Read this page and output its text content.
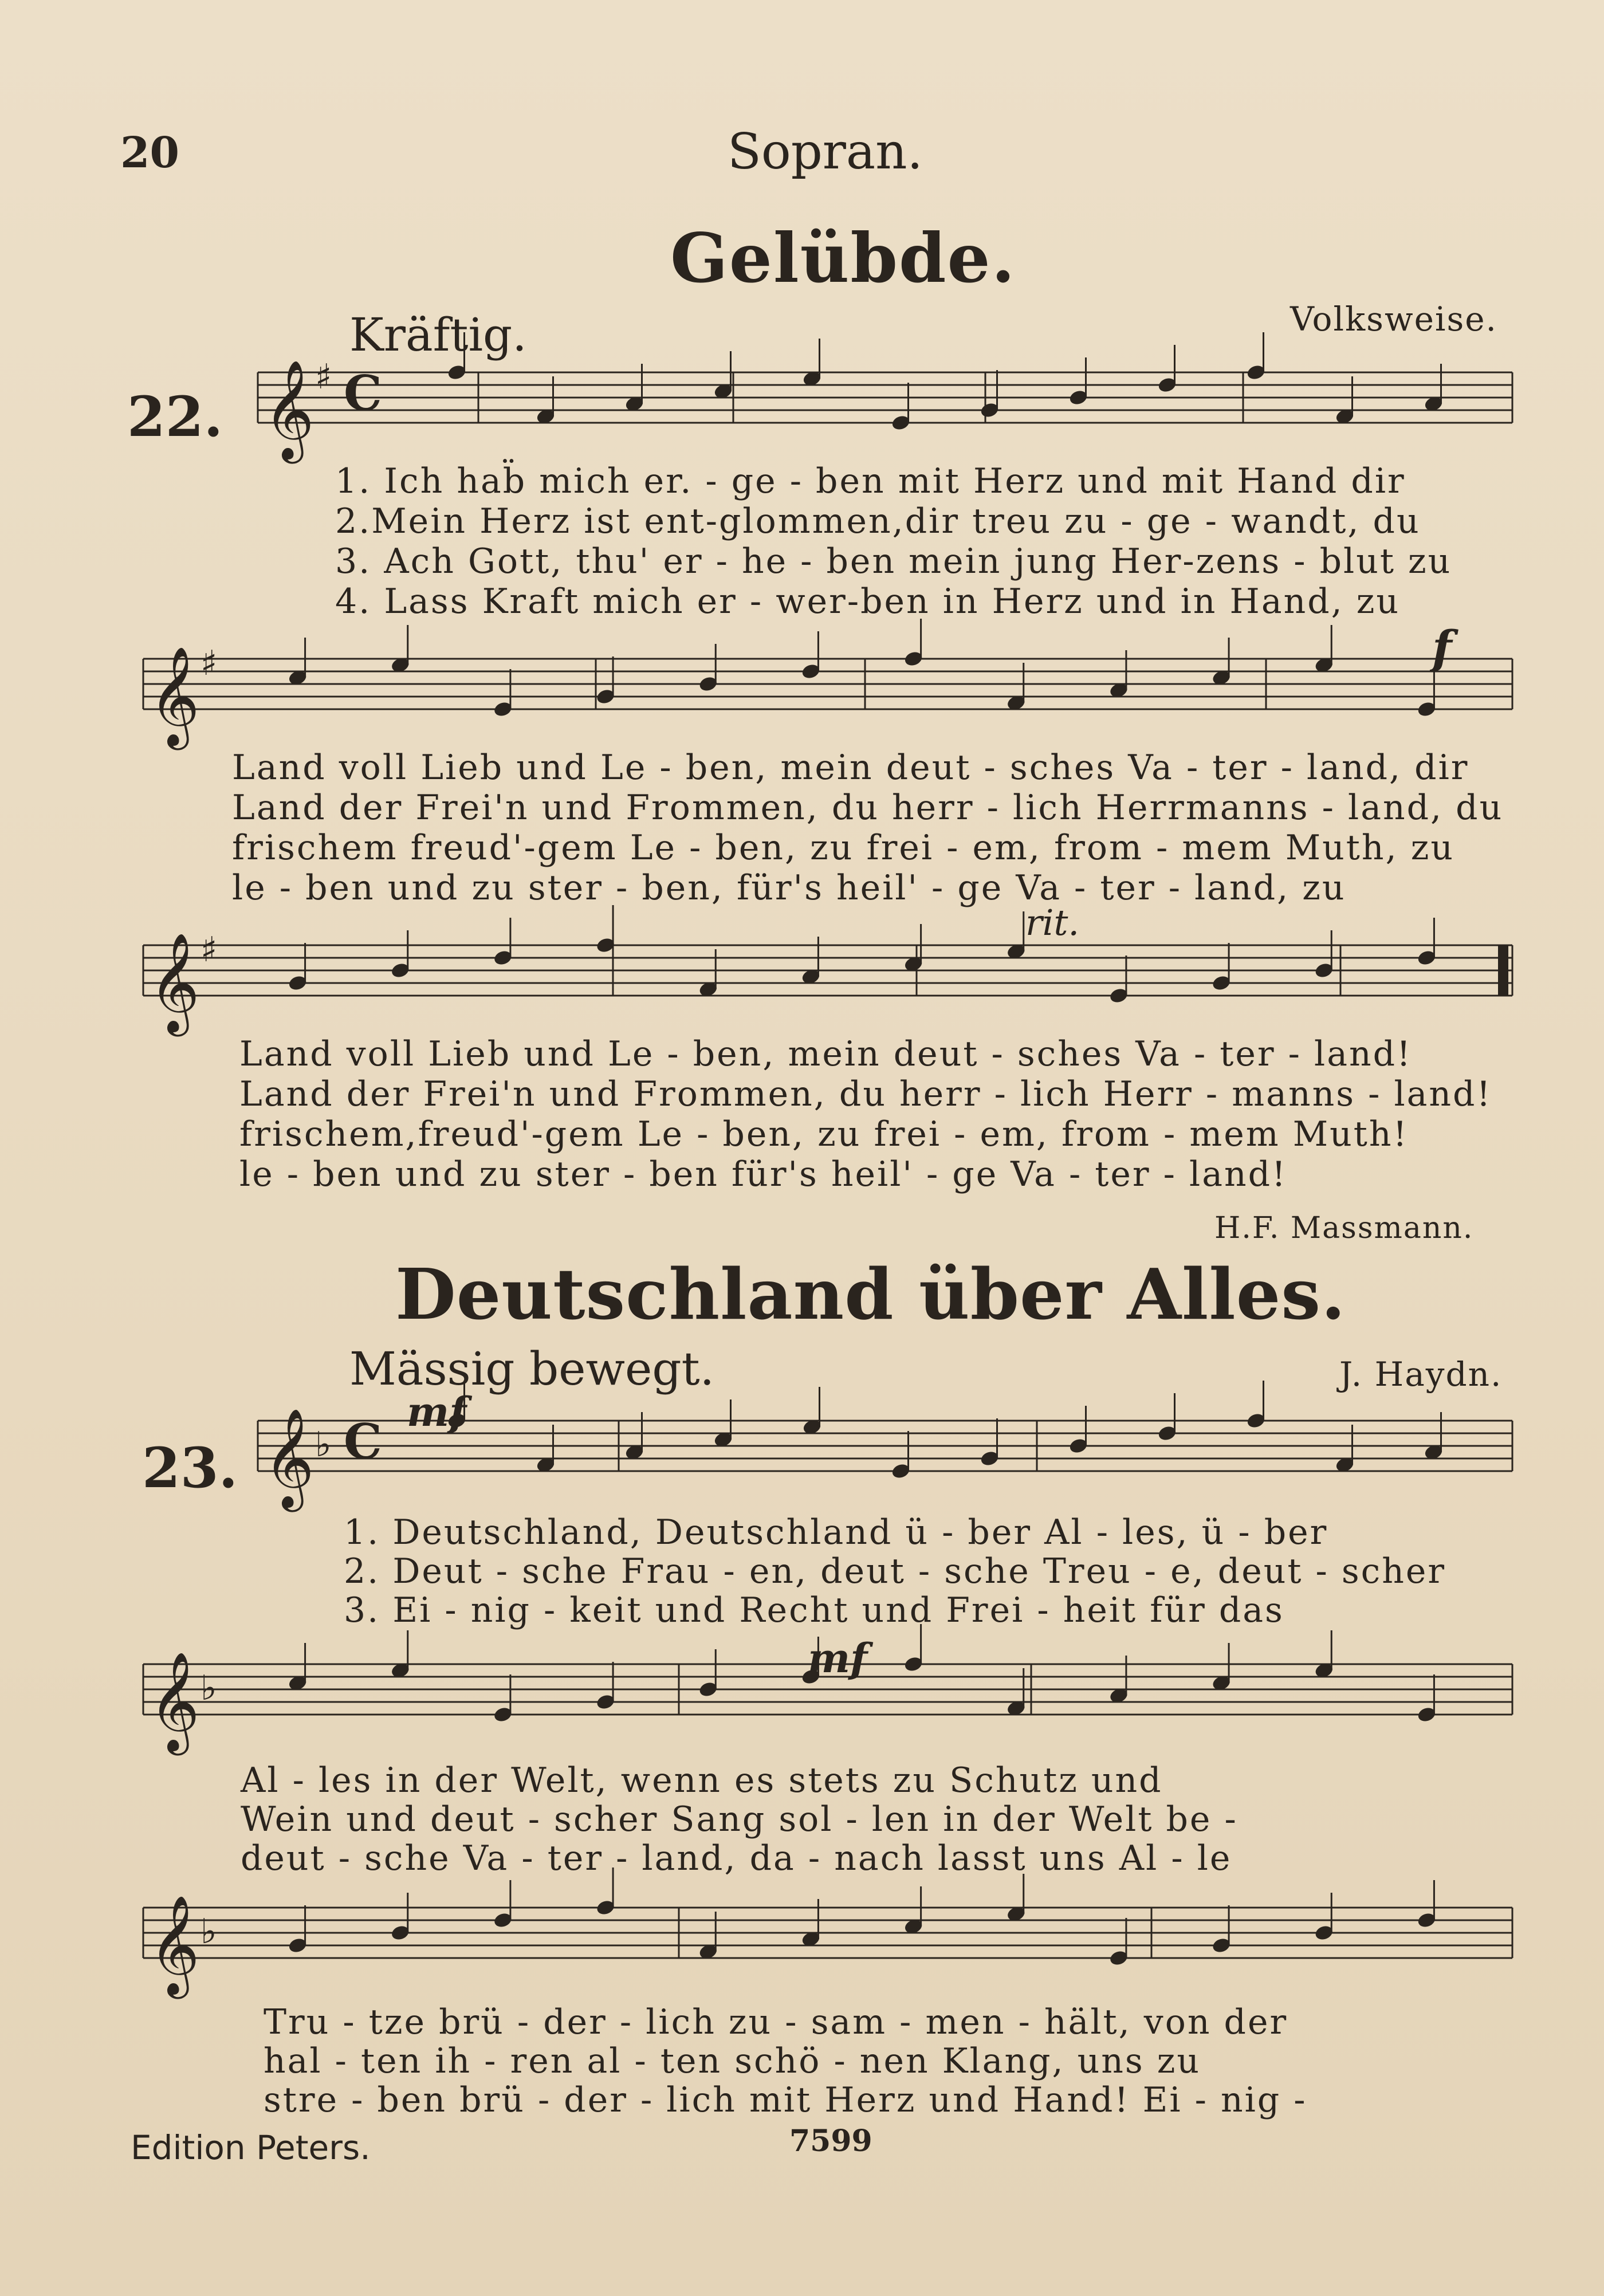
20	Sopran.
Gelübde.
Kräftig.	Volksweise.
22. 𝄞 ♯ C
𝄞 ♯
𝄞 ♯
𝄞 ♭ C
𝄞 ♭
𝄞 ♭
1. Ich hab̈ mich er. - ge - ben mit Herz und mit Hand dir
2.Mein Herz ist ent-glommen,dir treu zu - ge - wandt, du
3. Ach Gott, thu' er - he - ben mein jung Her-zens - blut zu
4. Lass Kraft mich er - wer-ben in Herz und in Hand, zu
f
Land voll Lieb und Le - ben, mein deut - sches Va - ter - land, dir
Land der Frei'n und Frommen, du herr - lich Herrmanns - land, du
frischem freud'-gem Le - ben, zu frei - em, from - mem Muth, zu
le - ben und zu ster - ben, für's heil' - ge Va - ter - land, zu
rit.
Land voll Lieb und Le - ben, mein deut - sches Va - ter - land!
Land der Frei'n und Frommen, du herr - lich Herr - manns - land!
frischem,freud'-gem Le - ben, zu frei - em, from - mem Muth!
le - ben und zu ster - ben für's heil' - ge Va - ter - land!
H.F. Massmann.
Deutschland über Alles.
Mässig bewegt.	J. Haydn.
23.
mf
mf
1. Deutschland, Deutschland ü - ber Al - les, ü - ber
2. Deut - sche Frau - en, deut - sche Treu - e, deut - scher
3. Ei - nig - keit und Recht und Frei - heit für das
Al - les in der Welt, wenn es stets zu Schutz und
Wein und deut - scher Sang sol - len in der Welt be -
deut - sche Va - ter - land, da - nach lasst uns Al - le
Tru - tze brü - der - lich zu - sam - men - hält, von der
hal - ten ih - ren al - ten schö - nen Klang, uns zu
stre - ben brü - der - lich mit Herz und Hand! Ei - nig -
Edition Peters.	7599
